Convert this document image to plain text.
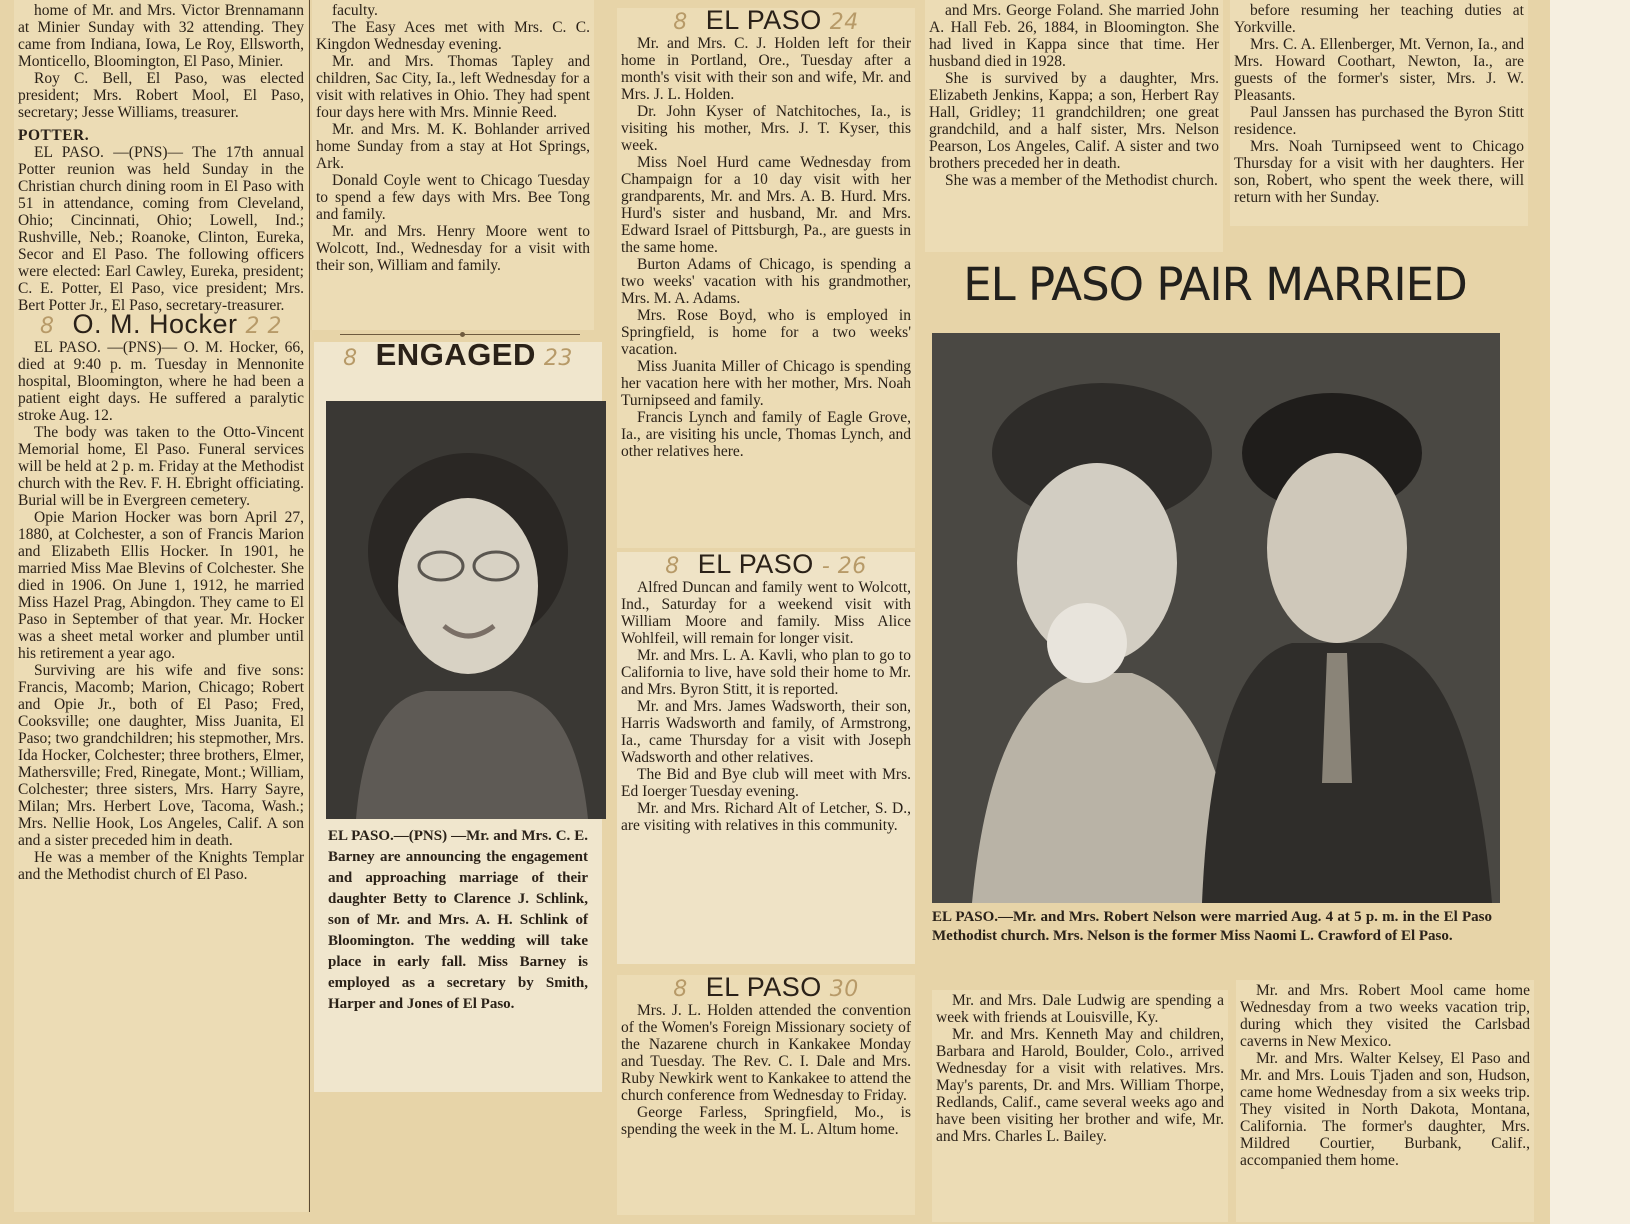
home of Mr. and Mrs. Victor Brennamann at Minier Sunday with 32 attending. They came from Indiana, Iowa, Le Roy, Ellsworth, Monticello, Bloomington, El Paso, Minier.

Roy C. Bell, El Paso, was elected president; Mrs. Robert Mool, El Paso, secretary; Jesse Williams, treasurer.

POTTER.

EL PASO. —(PNS)— The 17th annual Potter reunion was held Sunday in the Christian church dining room in El Paso with 51 in attendance, coming from Cleveland, Ohio; Cincinnati, Ohio; Lowell, Ind.; Rushville, Neb.; Roanoke, Clinton, Eureka, Secor and El Paso. The following officers were elected: Earl Cawley, Eureka, president; C. E. Potter, El Paso, vice president; Mrs. Bert Potter Jr., El Paso, secretary-treasurer.

8 O. M. Hocker 2 2

EL PASO. —(PNS)— O. M. Hocker, 66, died at 9:40 p. m. Tuesday in Mennonite hospital, Bloomington, where he had been a patient eight days. He suffered a paralytic stroke Aug. 12.

The body was taken to the Otto-Vincent Memorial home, El Paso. Funeral services will be held at 2 p. m. Friday at the Methodist church with the Rev. F. H. Ebright officiating. Burial will be in Evergreen cemetery.

Opie Marion Hocker was born April 27, 1880, at Colchester, a son of Francis Marion and Elizabeth Ellis Hocker. In 1901, he married Miss Mae Blevins of Colchester. She died in 1906. On June 1, 1912, he married Miss Hazel Prag, Abingdon. They came to El Paso in September of that year. Mr. Hocker was a sheet metal worker and plumber until his retirement a year ago.

Surviving are his wife and five sons: Francis, Macomb; Marion, Chicago; Robert and Opie Jr., both of El Paso; Fred, Cooksville; one daughter, Miss Juanita, El Paso; two grandchildren; his stepmother, Mrs. Ida Hocker, Colchester; three brothers, Elmer, Mathersville; Fred, Rinegate, Mont.; William, Colchester; three sisters, Mrs. Harry Sayre, Milan; Mrs. Herbert Love, Tacoma, Wash.; Mrs. Nellie Hook, Los Angeles, Calif. A son and a sister preceded him in death.

He was a member of the Knights Templar and the Methodist church of El Paso.

faculty.

The Easy Aces met with Mrs. C. C. Kingdon Wednesday evening.

Mr. and Mrs. Thomas Tapley and children, Sac City, Ia., left Wednesday for a visit with relatives in Ohio. They had spent four days here with Mrs. Minnie Reed.

Mr. and Mrs. M. K. Bohlander arrived home Sunday from a stay at Hot Springs, Ark.

Donald Coyle went to Chicago Tuesday to spend a few days with Mrs. Bee Tong and family.

Mr. and Mrs. Henry Moore went to Wolcott, Ind., Wednesday for a visit with their son, William and family.

8 ENGAGED 23
EL PASO.—(PNS) —Mr. and Mrs. C. E. Barney are announcing the engagement and approaching marriage of their daughter Betty to Clarence J. Schlink, son of Mr. and Mrs. A. H. Schlink of Bloomington. The wedding will take place in early fall. Miss Barney is employed as a secretary by Smith, Harper and Jones of El Paso.
8 EL PASO 24

Mr. and Mrs. C. J. Holden left for their home in Portland, Ore., Tuesday after a month's visit with their son and wife, Mr. and Mrs. J. L. Holden.

Dr. John Kyser of Natchitoches, Ia., is visiting his mother, Mrs. J. T. Kyser, this week.

Miss Noel Hurd came Wednesday from Champaign for a 10 day visit with her grandparents, Mr. and Mrs. A. B. Hurd. Mrs. Hurd's sister and husband, Mr. and Mrs. Edward Israel of Pittsburgh, Pa., are guests in the same home.

Burton Adams of Chicago, is spending a two weeks' vacation with his grandmother, Mrs. M. A. Adams.

Mrs. Rose Boyd, who is employed in Springfield, is home for a two weeks' vacation.

Miss Juanita Miller of Chicago is spending her vacation here with her mother, Mrs. Noah Turnipseed and family.

Francis Lynch and family of Eagle Grove, Ia., are visiting his uncle, Thomas Lynch, and other relatives here.

8 EL PASO - 26

Alfred Duncan and family went to Wolcott, Ind., Saturday for a weekend visit with William Moore and family. Miss Alice Wohlfeil, will remain for longer visit.

Mr. and Mrs. L. A. Kavli, who plan to go to California to live, have sold their home to Mr. and Mrs. Byron Stitt, it is reported.

Mr. and Mrs. James Wadsworth, their son, Harris Wadsworth and family, of Armstrong, Ia., came Thursday for a visit with Joseph Wadsworth and other relatives.

The Bid and Bye club will meet with Mrs. Ed Ioerger Tuesday evening.

Mr. and Mrs. Richard Alt of Letcher, S. D., are visiting with relatives in this community.

8 EL PASO 30

Mrs. J. L. Holden attended the convention of the Women's Foreign Missionary society of the Nazarene church in Kankakee Monday and Tuesday. The Rev. C. I. Dale and Mrs. Ruby Newkirk went to Kankakee to attend the church conference from Wednesday to Friday.

George Farless, Springfield, Mo., is spending the week in the M. L. Altum home.

and Mrs. George Foland. She married John A. Hall Feb. 26, 1884, in Bloomington. She had lived in Kappa since that time. Her husband died in 1928.

She is survived by a daughter, Mrs. Elizabeth Jenkins, Kappa; a son, Herbert Ray Hall, Gridley; 11 grandchildren; one great grandchild, and a half sister, Mrs. Nelson Pearson, Los Angeles, Calif. A sister and two brothers preceded her in death.

She was a member of the Methodist church.

before resuming her teaching duties at Yorkville.

Mrs. C. A. Ellenberger, Mt. Vernon, Ia., and Mrs. Howard Coothart, Newton, Ia., are guests of the former's sister, Mrs. J. W. Pleasants.

Paul Janssen has purchased the Byron Stitt residence.

Mrs. Noah Turnipseed went to Chicago Thursday for a visit with her daughters. Her son, Robert, who spent the week there, will return with her Sunday.

EL PASO PAIR MARRIED
EL PASO.—Mr. and Mrs. Robert Nelson were married Aug. 4 at 5 p. m. in the El Paso Methodist church. Mrs. Nelson is the former Miss Naomi L. Crawford of El Paso.

Mr. and Mrs. Dale Ludwig are spending a week with friends at Louisville, Ky.

Mr. and Mrs. Kenneth May and children, Barbara and Harold, Boulder, Colo., arrived Wednesday for a visit with relatives. Mrs. May's parents, Dr. and Mrs. William Thorpe, Redlands, Calif., came several weeks ago and have been visiting her brother and wife, Mr. and Mrs. Charles L. Bailey.

Mr. and Mrs. Robert Mool came home Wednesday from a two weeks vacation trip, during which they visited the Carlsbad caverns in New Mexico.

Mr. and Mrs. Walter Kelsey, El Paso and Mr. and Mrs. Louis Tjaden and son, Hudson, came home Wednesday from a six weeks trip. They visited in North Dakota, Montana, California. The former's daughter, Mrs. Mildred Courtier, Burbank, Calif., accompanied them home.
